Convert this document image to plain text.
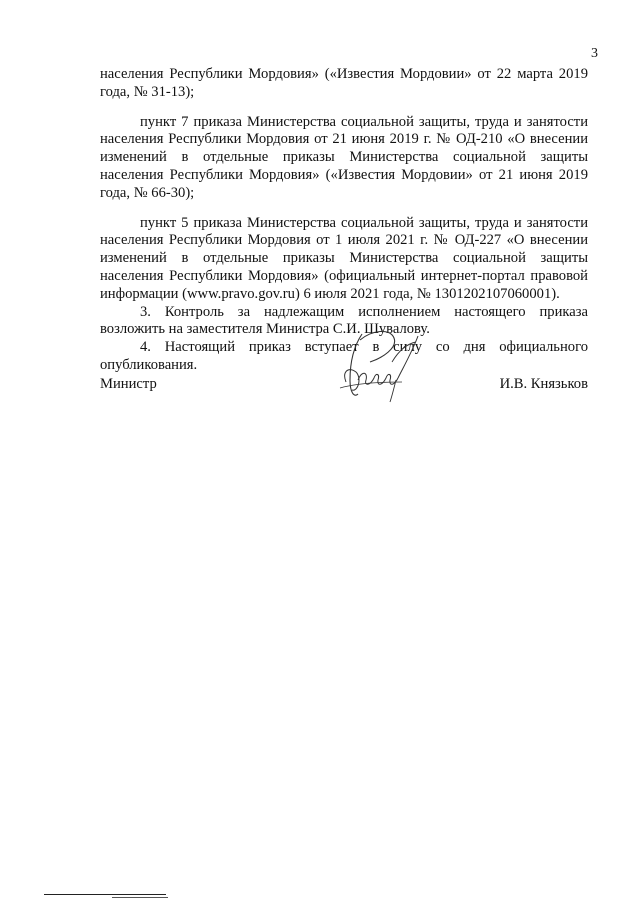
3

населения Республики Мордовия» («Известия Мордовии» от 22 марта 2019 года, № 31-13);

пункт 7 приказа Министерства социальной защиты, труда и занятости населения Республики Мордовия от 21 июня 2019 г. № ОД-210 «О внесении изменений в отдельные приказы Министерства социальной защиты населения Республики Мордовия» («Известия Мордовии» от 21 июня 2019 года, № 66-30);

пункт 5 приказа Министерства социальной защиты, труда и занятости населения Республики Мордовия от 1 июля 2021 г. № ОД-227 «О внесении изменений в отдельные приказы Министерства социальной защиты населения Республики Мордовия» (официальный интернет-портал правовой информации (www.pravo.gov.ru) 6 июля 2021 года, № 1301202107060001).

3. Контроль за надлежащим исполнением настоящего приказа возложить на заместителя Министра С.И. Шувалову.

4. Настоящий приказ вступает в силу со дня официального опубликования.

Министр	И.В. Князьков
